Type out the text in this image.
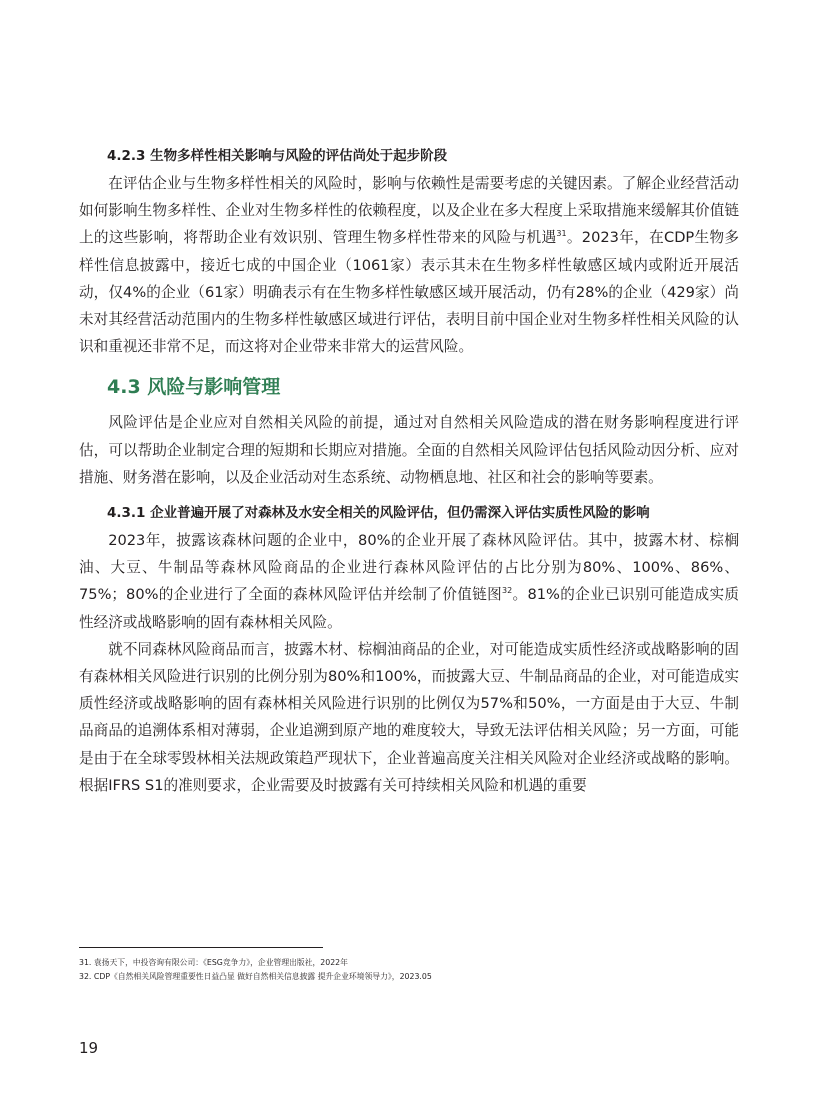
4.2.3 生物多样性相关影响与风险的评估尚处于起步阶段

在评估企业与生物多样性相关的风险时，影响与依赖性是需要考虑的关键因素。了解企业经营活动如何影响生物多样性、企业对生物多样性的依赖程度，以及企业在多大程度上采取措施来缓解其价值链上的这些影响，将帮助企业有效识别、管理生物多样性带来的风险与机遇$^{31}$。2023年，在CDP生物多样性信息披露中，接近七成的中国企业（1061家）表示其未在生物多样性敏感区域内或附近开展活动，仅4%的企业（61家）明确表示有在生物多样性敏感区域开展活动，仍有28%的企业（429家）尚未对其经营活动范围内的生物多样性敏感区域进行评估，表明目前中国企业对生物多样性相关风险的认识和重视还非常不足，而这将对企业带来非常大的运营风险。

4.3 风险与影响管理

风险评估是企业应对自然相关风险的前提，通过对自然相关风险造成的潜在财务影响程度进行评估，可以帮助企业制定合理的短期和长期应对措施。全面的自然相关风险评估包括风险动因分析、应对措施、财务潜在影响，以及企业活动对生态系统、动物栖息地、社区和社会的影响等要素。

4.3.1 企业普遍开展了对森林及水安全相关的风险评估，但仍需深入评估实质性风险的影响

2023年，披露该森林问题的企业中，80%的企业开展了森林风险评估。其中，披露木材、棕榈油、大豆、牛制品等森林风险商品的企业进行森林风险评估的占比分别为80%、100%、86%、75%；80%的企业进行了全面的森林风险评估并绘制了价值链图$^{32}$。81%的企业已识别可能造成实质性经济或战略影响的固有森林相关风险。

就不同森林风险商品而言，披露木材、棕榈油商品的企业，对可能造成实质性经济或战略影响的固有森林相关风险进行识别的比例分别为80%和100%，而披露大豆、牛制品商品的企业，对可能造成实质性经济或战略影响的固有森林相关风险进行识别的比例仅为57%和50%，一方面是由于大豆、牛制品商品的追溯体系相对薄弱，企业追溯到原产地的难度较大，导致无法评估相关风险；另一方面，可能是由于在全球零毁林相关法规政策趋严现状下，企业普遍高度关注相关风险对企业经济或战略的影响。根据IFRS S1的准则要求，企业需要及时披露有关可持续相关风险和机遇的重要

31. 袁扬天下，中投咨询有限公司：《ESG竞争力》，企业管理出版社，2022年

32. CDP《自然相关风险管理重要性日益凸显 做好自然相关信息披露 提升企业环境领导力》，2023.05

19
